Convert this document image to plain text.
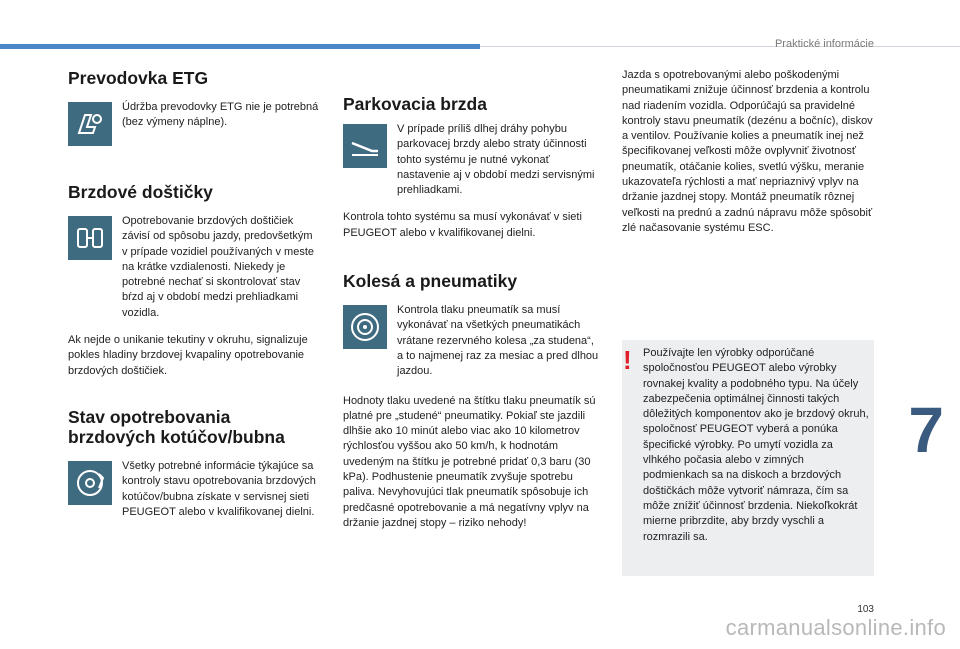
Praktické informácie
7
103
carmanualsonline.info
Prevodovka ETG

Údržba prevodovky ETG nie je potrebná (bez výmeny náplne).

Brzdové doštičky

Opotrebovanie brzdových doštičiek závisí od spôsobu jazdy, predovšetkým v prípade vozidiel používaných v meste na krátke vzdialenosti. Niekedy je potrebné nechať si skontrolovať stav bŕzd aj v období medzi prehliadkami vozidla.

Ak nejde o unikanie tekutiny v okruhu, signalizuje pokles hladiny brzdovej kvapaliny opotrebovanie brzdových doštičiek.

Stav opotrebovania
brzdových kotúčov/bubna

Všetky potrebné informácie týkajúce sa kontroly stavu opotrebovania brzdových kotúčov/bubna získate v servisnej sieti PEUGEOT alebo v kvalifikovanej dielni.

Parkovacia brzda

V prípade príliš dlhej dráhy pohybu parkovacej brzdy alebo straty účinnosti tohto systému je nutné vykonať nastavenie aj v období medzi servisnými prehliadkami.

Kontrola tohto systému sa musí vykonávať v sieti PEUGEOT alebo v kvalifikovanej dielni.

Kolesá a pneumatiky

Kontrola tlaku pneumatík sa musí vykonávať na všetkých pneumatikách vrátane rezervného kolesa „za studena“, a to najmenej raz za mesiac a pred dlhou jazdou.

Hodnoty tlaku uvedené na štítku tlaku pneumatík sú platné pre „studené“ pneumatiky. Pokiaľ ste jazdili dlhšie ako 10 minút alebo viac ako 10 kilometrov rýchlosťou vyššou ako 50 km/h, k hodnotám uvedeným na štítku je potrebné pridať 0,3 baru (30 kPa). Podhustenie pneumatík zvyšuje spotrebu paliva. Nevyhovujúci tlak pneumatík spôsobuje ich predčasné opotrebovanie a má negatívny vplyv na držanie jazdnej stopy – riziko nehody!

Jazda s opotrebovanými alebo poškodenými pneumatikami znižuje účinnosť brzdenia a kontrolu nad riadením vozidla. Odporúčajú sa pravidelné kontroly stavu pneumatík (dezénu a bočníc), diskov a ventilov. Používanie kolies a pneumatík inej než špecifikovanej veľkosti môže ovplyvniť životnosť pneumatík, otáčanie kolies, svetlú výšku, meranie ukazovateľa rýchlosti a mať nepriaznivý vplyv na držanie jazdnej stopy. Montáž pneumatík rôznej veľkosti na prednú a zadnú nápravu môže spôsobiť zlé načasovanie systému ESC.

! Používajte len výrobky odporúčané spoločnosťou PEUGEOT alebo výrobky rovnakej kvality a podobného typu. Na účely zabezpečenia optimálnej činnosti takých dôležitých komponentov ako je brzdový okruh, spoločnosť PEUGEOT vyberá a ponúka špecifické výrobky. Po umytí vozidla za vlhkého počasia alebo v zimných podmienkach sa na diskoch a brzdových doštičkách môže vytvoriť námraza, čím sa môže znížiť účinnosť brzdenia. Niekoľkokrát mierne pribrzdite, aby brzdy vyschli a rozmrazili sa.
